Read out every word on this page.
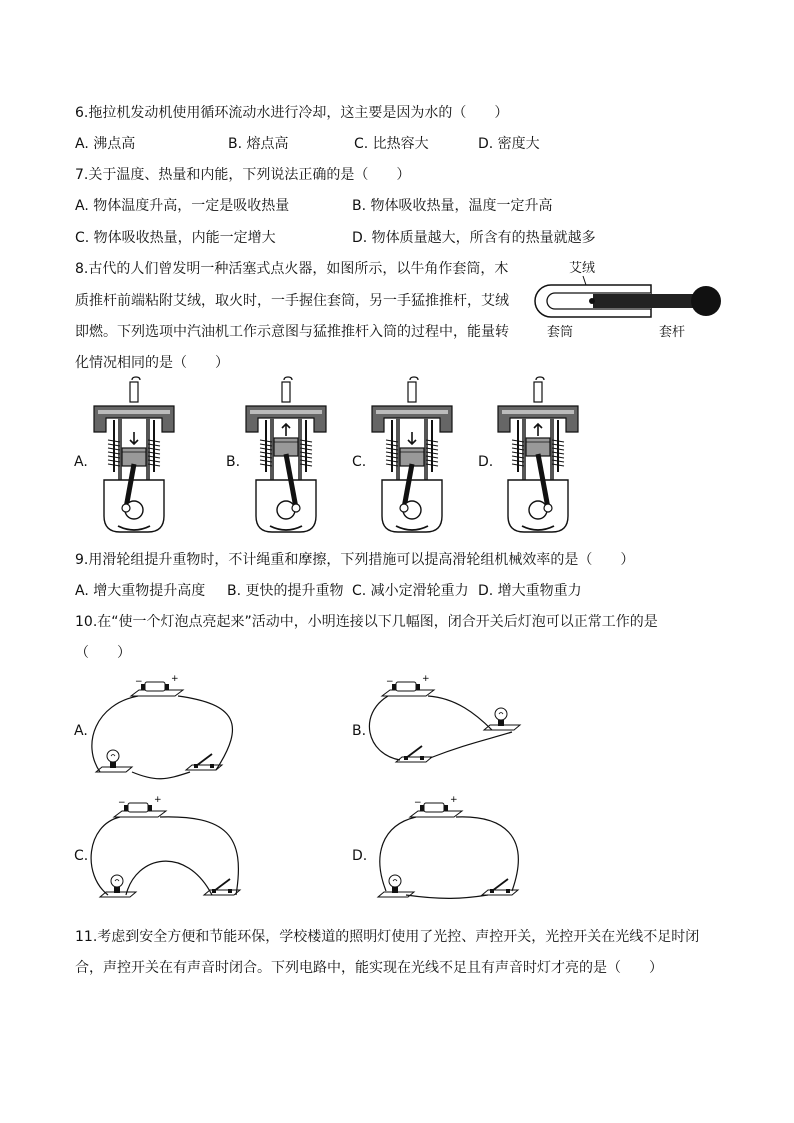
6.拖拉机发动机使用循环流动水进行冷却，这主要是因为水的（　　）
A. 沸点高	B. 熔点高	C. 比热容大	D. 密度大
7.关于温度、热量和内能，下列说法正确的是（　　）
A. 物体温度升高，一定是吸收热量	B. 物体吸收热量，温度一定升高
C. 物体吸收热量，内能一定增大	D. 物体质量越大，所含有的热量就越多
8.古代的人们曾发明一种活塞式点火器，如图所示，以牛角作套筒，木
质推杆前端粘附艾绒，取火时，一手握住套筒，另一手猛推推杆，艾绒
即燃。下列选项中汽油机工作示意图与猛推推杆入筒的过程中，能量转
化情况相同的是（　　）
艾绒
套筒	套杆
A.	B.	C.	D.
9.用滑轮组提升重物时，不计绳重和摩擦，下列措施可以提高滑轮组机械效率的是（　　）
A. 增大重物提升高度 B. 更快的提升重物 C. 减小定滑轮重力 D. 增大重物重力
10.在“使一个灯泡点亮起来”活动中，小明连接以下几幅图，闭合开关后灯泡可以正常工作的是
（　　）
A.	B.
C.	D.
−	+	−	+
−	+	−	+
11.考虑到安全方便和节能环保，学校楼道的照明灯使用了光控、声控开关，光控开关在光线不足时闭
合，声控开关在有声音时闭合。下列电路中，能实现在光线不足且有声音时灯才亮的是（　　）
